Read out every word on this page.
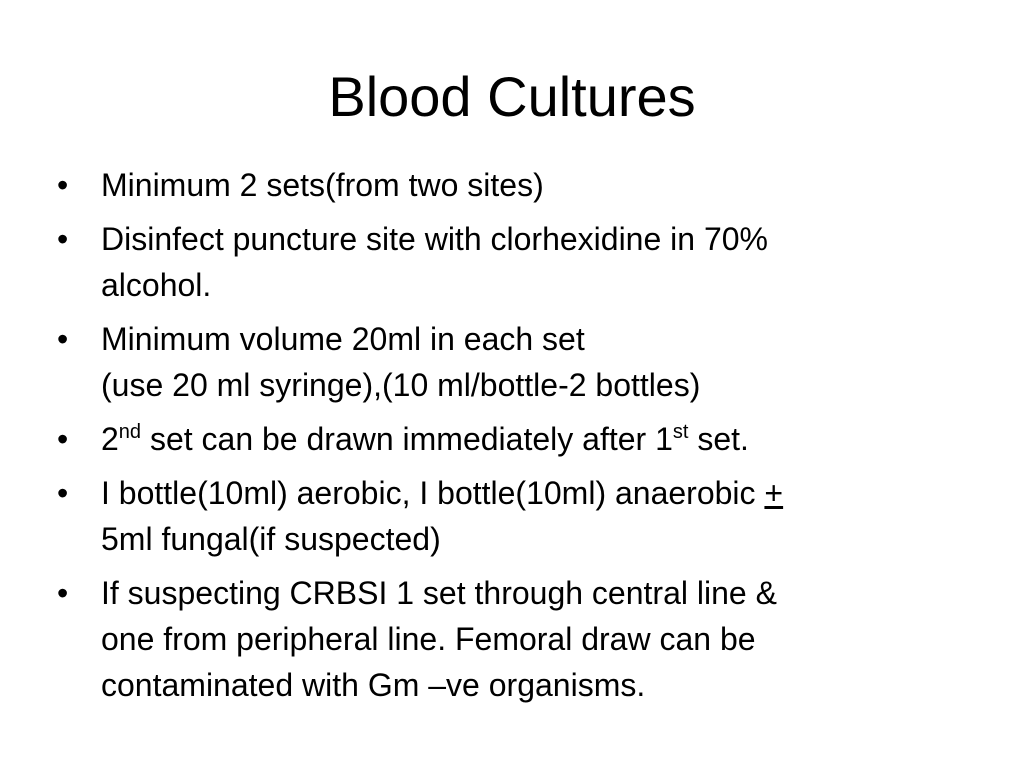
Blood Cultures
•	Minimum 2 sets(from two sites)
•	Disinfect puncture site with clorhexidine in 70%
alcohol.
•	Minimum volume 20ml in each set
(use 20 ml syringe),(10 ml/bottle-2 bottles)
•	2nd set can be drawn immediately after 1st set.
•	I bottle(10ml) aerobic, I bottle(10ml) anaerobic +
5ml fungal(if suspected)
•	If suspecting CRBSI 1 set through central line &
one from peripheral line. Femoral draw can be
contaminated with Gm –ve organisms.
